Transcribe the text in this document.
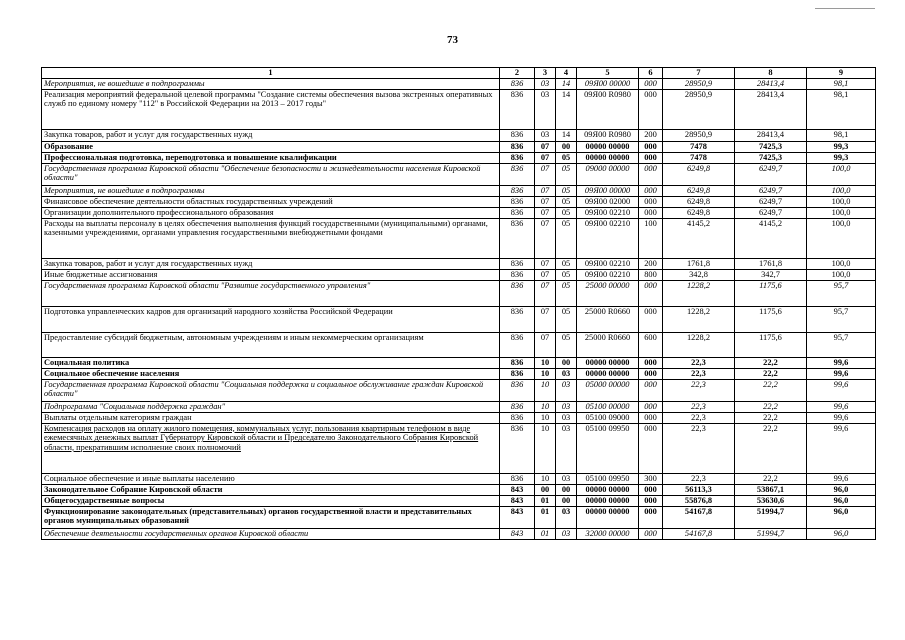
73
1	2	3	4	5	6	7	8	9
Мероприятия, не вошедшие в подпрограммы	836	03	14	09Я00 00000	000	28950,9	28413,4	98,1
Реализация мероприятий федеральной целевой программы "Создание системы обеспечения вызова экстренных оперативных служб по единому номеру "112" в Российской Федерации на 2013 – 2017 годы"	836	03	14	09Я00 R0980	000	28950,9	28413,4	98,1
Закупка товаров, работ и услуг для государственных нужд	836	03	14	09Я00 R0980	200	28950,9	28413,4	98,1
Образование	836	07	00	00000 00000	000	7478	7425,3	99,3
Профессиональная подготовка, переподготовка и повышение квалификации	836	07	05	00000 00000	000	7478	7425,3	99,3
Государственная программа Кировской области "Обеспечение безопасности и жизнедеятельности населения Кировской области"	836	07	05	09000 00000	000	6249,8	6249,7	100,0
Мероприятия, не вошедшие в подпрограммы	836	07	05	09Я00 00000	000	6249,8	6249,7	100,0
Финансовое обеспечение деятельности областных государственных учреждений	836	07	05	09Я00 02000	000	6249,8	6249,7	100,0
Организации дополнительного профессионального образования	836	07	05	09Я00 02210	000	6249,8	6249,7	100,0
Расходы на выплаты персоналу в целях обеспечения выполнения функций государственными (муниципальными) органами, казенными учреждениями, органами управления государственными внебюджетными фондами	836	07	05	09Я00 02210	100	4145,2	4145,2	100,0
Закупка товаров, работ и услуг для государственных нужд	836	07	05	09Я00 02210	200	1761,8	1761,8	100,0
Иные бюджетные ассигнования	836	07	05	09Я00 02210	800	342,8	342,7	100,0
Государственная программа Кировской области "Развитие государственного управления"	836	07	05	25000 00000	000	1228,2	1175,6	95,7
Подготовка управленческих кадров для организаций народного хозяйства Российской Федерации	836	07	05	25000 R0660	000	1228,2	1175,6	95,7
Предоставление субсидий бюджетным, автономным учреждениям и иным некоммерческим организациям	836	07	05	25000 R0660	600	1228,2	1175,6	95,7
Социальная политика	836	10	00	00000 00000	000	22,3	22,2	99,6
Социальное обеспечение населения	836	10	03	00000 00000	000	22,3	22,2	99,6
Государственная программа Кировской области "Социальная поддержка и социальное обслуживание граждан Кировской области"	836	10	03	05000 00000	000	22,3	22,2	99,6
Подпрограмма "Социальная поддержка граждан"	836	10	03	05100 00000	000	22,3	22,2	99,6
Выплаты отдельным категориям граждан	836	10	03	05100 09000	000	22,3	22,2	99,6
Компенсация расходов на оплату жилого помещения, коммунальных услуг, пользования квартирным телефоном в виде ежемесячных денежных выплат Губернатору Кировской области и Председателю Законодательного Собрания Кировской области, прекратившим исполнение своих полномочий	836	10	03	05100 09950	000	22,3	22,2	99,6
Социальное обеспечение и иные выплаты населению	836	10	03	05100 09950	300	22,3	22,2	99,6
Законодательное Собрание Кировской области	843	00	00	00000 00000	000	56113,3	53867,1	96,0
Общегосударственные вопросы	843	01	00	00000 00000	000	55876,8	53630,6	96,0
Функционирование законодательных (представительных) органов государственной власти и представительных органов муниципальных образований	843	01	03	00000 00000	000	54167,8	51994,7	96,0
Обеспечение деятельности государственных органов Кировской области	843	01	03	32000 00000	000	54167,8	51994,7	96,0
